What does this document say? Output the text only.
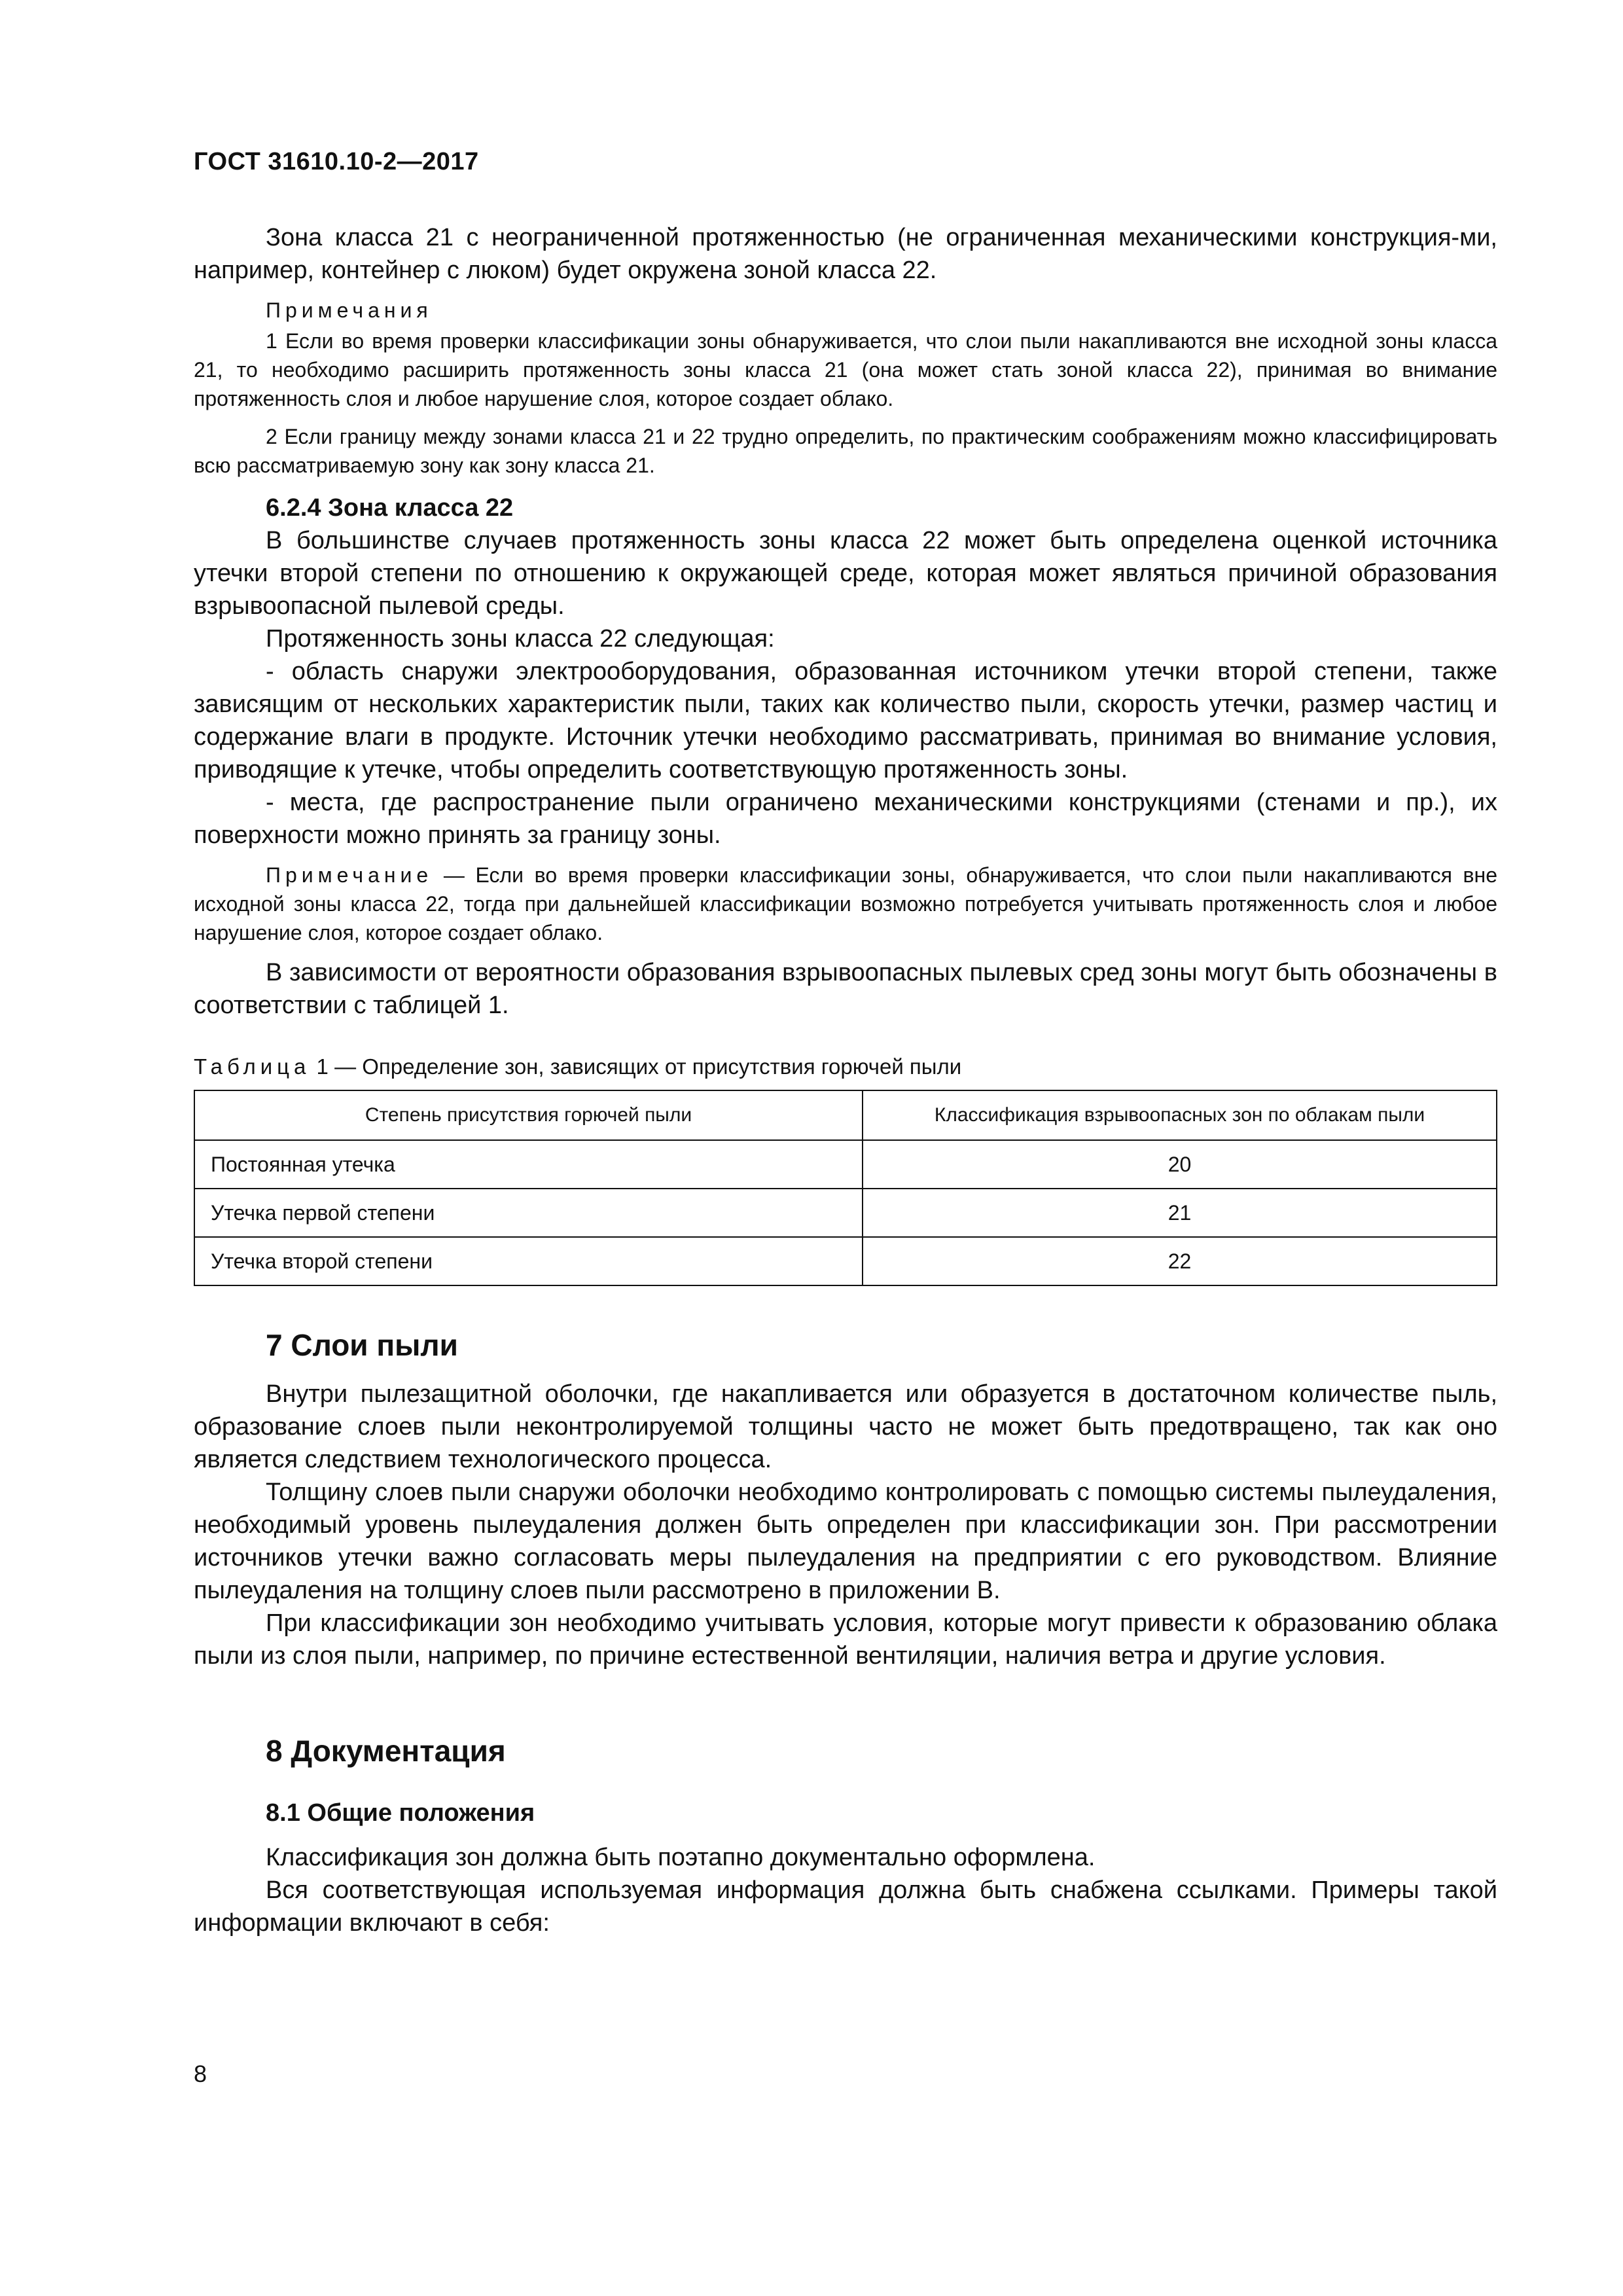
ГОСТ 31610.10-2—2017

Зона класса 21 с неограниченной протяженностью (не ограниченная механическими конструкция-ми, например, контейнер с люком) будет окружена зоной класса 22.

Примечания

1 Если во время проверки классификации зоны обнаруживается, что слои пыли накапливаются вне исходной зоны класса 21, то необходимо расширить протяженность зоны класса 21 (она может стать зоной класса 22), принимая во внимание протяженность слоя и любое нарушение слоя, которое создает облако.

2 Если границу между зонами класса 21 и 22 трудно определить, по практическим соображениям можно классифицировать всю рассматриваемую зону как зону класса 21.

6.2.4 Зона класса 22

В большинстве случаев протяженность зоны класса 22 может быть определена оценкой источника утечки второй степени по отношению к окружающей среде, которая может являться причиной образования взрывоопасной пылевой среды.

Протяженность зоны класса 22 следующая:

- область снаружи электрооборудования, образованная источником утечки второй степени, также зависящим от нескольких характеристик пыли, таких как количество пыли, скорость утечки, размер частиц и содержание влаги в продукте. Источник утечки необходимо рассматривать, принимая во внимание условия, приводящие к утечке, чтобы определить соответствующую протяженность зоны.

- места, где распространение пыли ограничено механическими конструкциями (стенами и пр.), их поверхности можно принять за границу зоны.

Примечание — Если во время проверки классификации зоны, обнаруживается, что слои пыли накапливаются вне исходной зоны класса 22, тогда при дальнейшей классификации возможно потребуется учитывать протяженность слоя и любое нарушение слоя, которое создает облако.

В зависимости от вероятности образования взрывоопасных пылевых сред зоны могут быть обозначены в соответствии с таблицей 1.

Таблица 1 — Определение зон, зависящих от присутствия горючей пыли
Степень присутствия горючей пыли	Классификация взрывоопасных зон по облакам пыли
Постоянная утечка	20
Утечка первой степени	21
Утечка второй степени	22
7 Слои пыли

Внутри пылезащитной оболочки, где накапливается или образуется в достаточном количестве пыль, образование слоев пыли неконтролируемой толщины часто не может быть предотвращено, так как оно является следствием технологического процесса.

Толщину слоев пыли снаружи оболочки необходимо контролировать с помощью системы пылеудаления, необходимый уровень пылеудаления должен быть определен при классификации зон. При рассмотрении источников утечки важно согласовать меры пылеудаления на предприятии с его руководством. Влияние пылеудаления на толщину слоев пыли рассмотрено в приложении В.

При классификации зон необходимо учитывать условия, которые могут привести к образованию облака пыли из слоя пыли, например, по причине естественной вентиляции, наличия ветра и другие условия.

8 Документация
8.1 Общие положения

Классификация зон должна быть поэтапно документально оформлена.

Вся соответствующая используемая информация должна быть снабжена ссылками. Примеры такой информации включают в себя:

8
